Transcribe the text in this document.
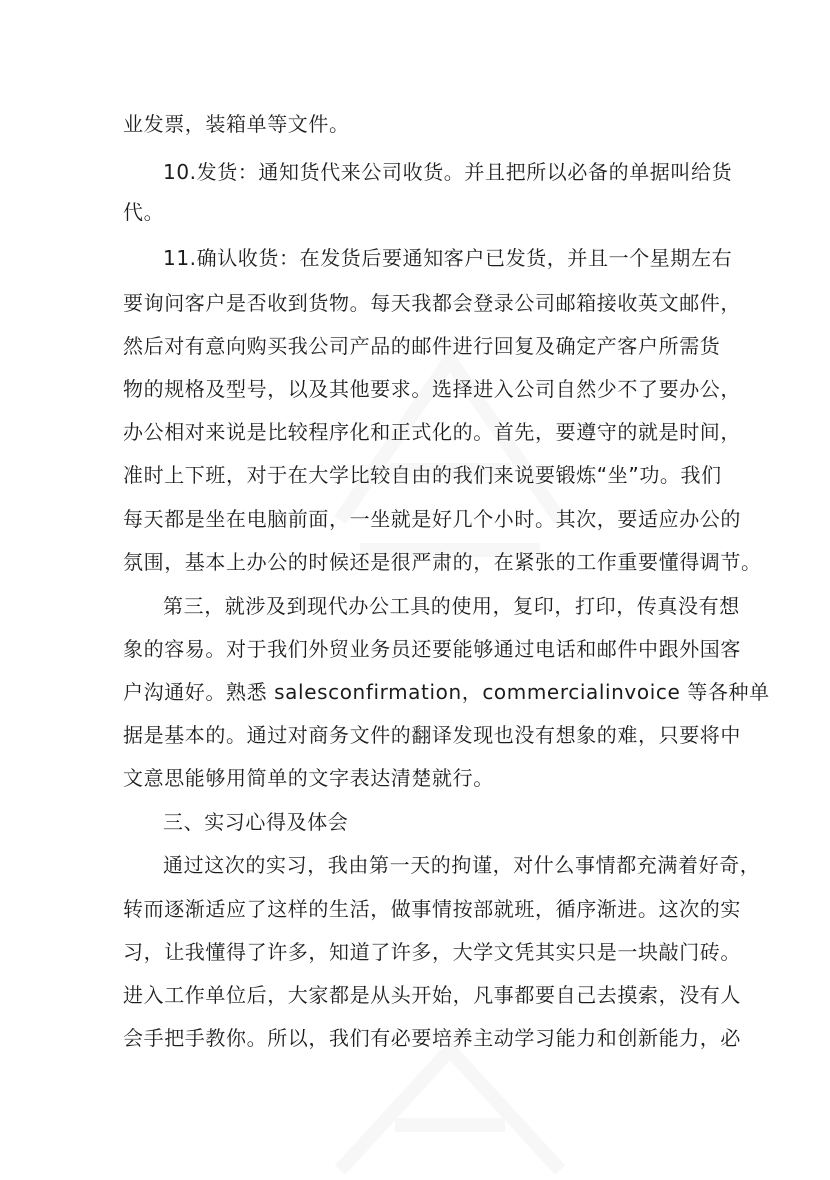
业发票，装箱单等文件。

10.发货：通知货代来公司收货。并且把所以必备的单据叫给货

代。

11.确认收货：在发货后要通知客户已发货，并且一个星期左右

要询问客户是否收到货物。每天我都会登录公司邮箱接收英文邮件，

然后对有意向购买我公司产品的邮件进行回复及确定产客户所需货

物的规格及型号，以及其他要求。选择进入公司自然少不了要办公，

办公相对来说是比较程序化和正式化的。首先，要遵守的就是时间，

准时上下班，对于在大学比较自由的我们来说要锻炼“坐”功。我们

每天都是坐在电脑前面，一坐就是好几个小时。其次，要适应办公的

氛围，基本上办公的时候还是很严肃的，在紧张的工作重要懂得调节。

第三，就涉及到现代办公工具的使用，复印，打印，传真没有想

象的容易。对于我们外贸业务员还要能够通过电话和邮件中跟外国客

户沟通好。熟悉 salesconfirmation，commercialinvoice 等各种单

据是基本的。通过对商务文件的翻译发现也没有想象的难，只要将中

文意思能够用简单的文字表达清楚就行。

三、实习心得及体会

通过这次的实习，我由第一天的拘谨，对什么事情都充满着好奇，

转而逐渐适应了这样的生活，做事情按部就班，循序渐进。这次的实

习，让我懂得了许多，知道了许多，大学文凭其实只是一块敲门砖。

进入工作单位后，大家都是从头开始，凡事都要自己去摸索，没有人

会手把手教你。所以，我们有必要培养主动学习能力和创新能力，必
